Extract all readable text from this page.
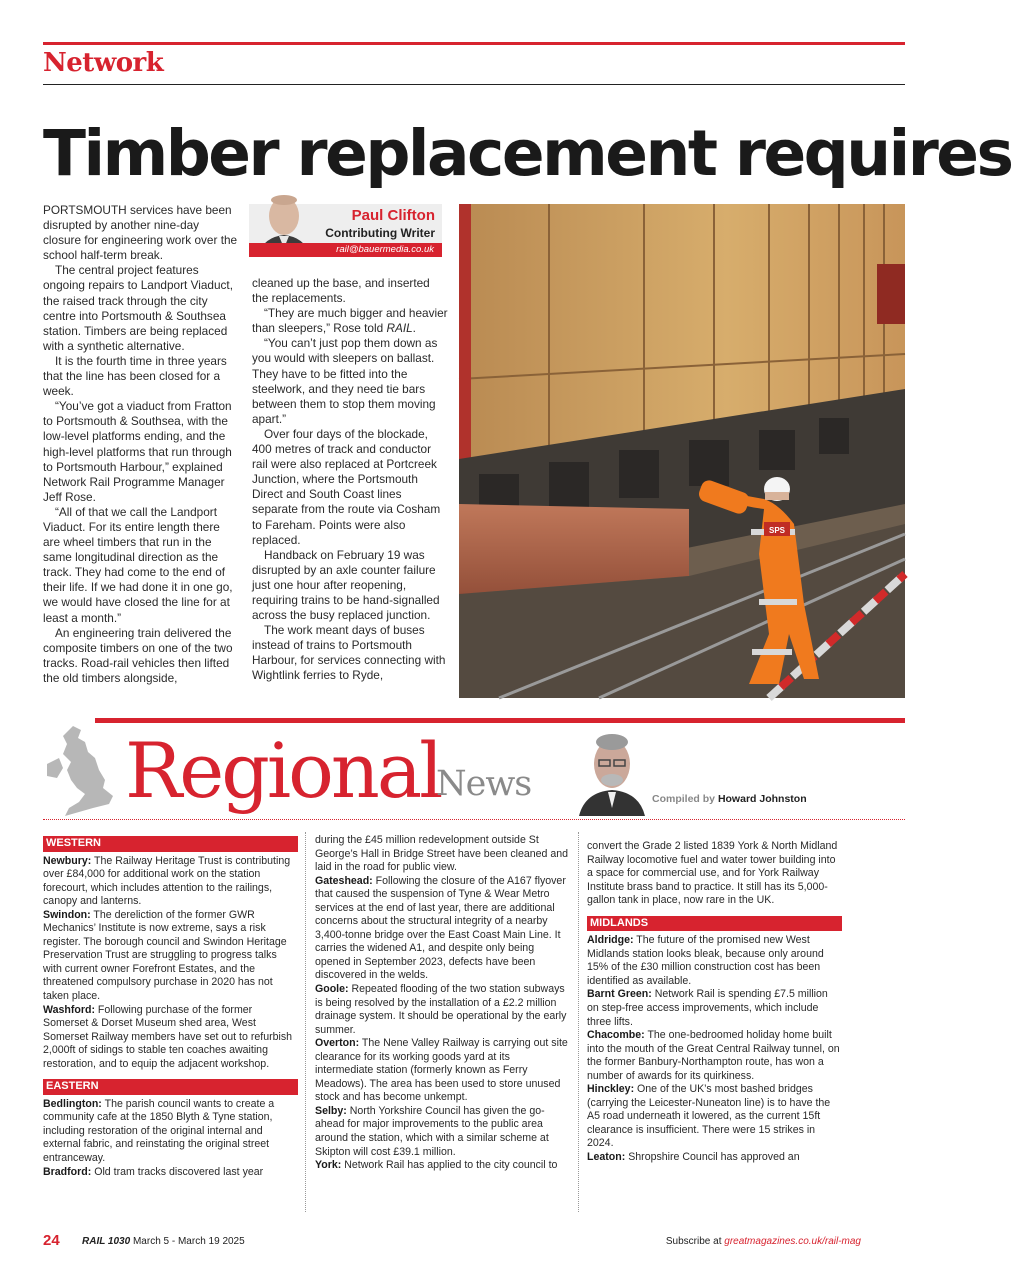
Network
Timber replacement requires

PORTSMOUTH services have been disrupted by another nine-day closure for engineering work over the school half-term break.

The central project features ongoing repairs to Landport Viaduct, the raised track through the city centre into Portsmouth & Southsea station. Timbers are being replaced with a synthetic alternative.

It is the fourth time in three years that the line has been closed for a week.

“You’ve got a viaduct from Fratton to Portsmouth & Southsea, with the low-level platforms ending, and the high-level platforms that run through to Portsmouth Harbour,” explained Network Rail Programme Manager Jeff Rose.

“All of that we call the Landport Viaduct. For its entire length there are wheel timbers that run in the same longitudinal direction as the track. They had come to the end of their life. If we had done it in one go, we would have closed the line for at least a month.”

An engineering train delivered the composite timbers on one of the two tracks. Road-rail vehicles then lifted the old timbers alongside,

Paul Clifton
Contributing Writer
rail@bauermedia.co.uk

cleaned up the base, and inserted the replacements.

“They are much bigger and heavier than sleepers,” Rose told RAIL.

“You can’t just pop them down as you would with sleepers on ballast. They have to be fitted into the steelwork, and they need tie bars between them to stop them moving apart.”

Over four days of the blockade, 400 metres of track and conductor rail were also replaced at Portcreek Junction, where the Portsmouth Direct and South Coast lines separate from the route via Cosham to Fareham. Points were also replaced.

Handback on February 19 was disrupted by an axle counter failure just one hour after reopening, requiring trains to be hand-signalled across the busy replaced junction.

The work meant days of buses instead of trains to Portsmouth Harbour, for services connecting with Wightlink ferries to Ryde,

SPS
Regional
News	Compiled by Howard Johnston
WESTERN

Newbury: The Railway Heritage Trust is contributing over £84,000 for additional work on the station forecourt, which includes attention to the railings, canopy and lanterns.

Swindon: The dereliction of the former GWR Mechanics’ Institute is now extreme, says a risk register. The borough council and Swindon Heritage Preservation Trust are struggling to progress talks with current owner Forefront Estates, and the threatened compulsory purchase in 2020 has not taken place.

Washford: Following purchase of the former Somerset & Dorset Museum shed area, West Somerset Railway members have set out to refurbish 2,000ft of sidings to stable ten coaches awaiting restoration, and to equip the adjacent workshop.

EASTERN

Bedlington: The parish council wants to create a community cafe at the 1850 Blyth & Tyne station, including restoration of the original internal and external fabric, and reinstating the original street entranceway.

Bradford: Old tram tracks discovered last year

during the £45 million redevelopment outside St George’s Hall in Bridge Street have been cleaned and laid in the road for public view.

Gateshead: Following the closure of the A167 flyover that caused the suspension of Tyne & Wear Metro services at the end of last year, there are additional concerns about the structural integrity of a nearby 3,400-tonne bridge over the East Coast Main Line. It carries the widened A1, and despite only being opened in September 2023, defects have been discovered in the welds.

Goole: Repeated flooding of the two station subways is being resolved by the installation of a £2.2 million drainage system. It should be operational by the early summer.

Overton: The Nene Valley Railway is carrying out site clearance for its working goods yard at its intermediate station (formerly known as Ferry Meadows). The area has been used to store unused stock and has become unkempt.

Selby: North Yorkshire Council has given the go-ahead for major improvements to the public area around the station, which with a similar scheme at Skipton will cost £39.1 million.

York: Network Rail has applied to the city council to

convert the Grade 2 listed 1839 York & North Midland Railway locomotive fuel and water tower building into a space for commercial use, and for York Railway Institute brass band to practice. It still has its 5,000-gallon tank in place, now rare in the UK.

MIDLANDS

Aldridge: The future of the promised new West Midlands station looks bleak, because only around 15% of the £30 million construction cost has been identified as available.

Barnt Green: Network Rail is spending £7.5 million on step-free access improvements, which include three lifts.

Chacombe: The one-bedroomed holiday home built into the mouth of the Great Central Railway tunnel, on the former Banbury-Northampton route, has won a number of awards for its quirkiness.

Hinckley: One of the UK’s most bashed bridges (carrying the Leicester-Nuneaton line) is to have the A5 road underneath it lowered, as the current 15ft clearance is insufficient. There were 15 strikes in 2024.

Leaton: Shropshire Council has approved an

24 RAIL 1030 March 5 - March 19 2025	Subscribe at greatmagazines.co.uk/rail-mag
